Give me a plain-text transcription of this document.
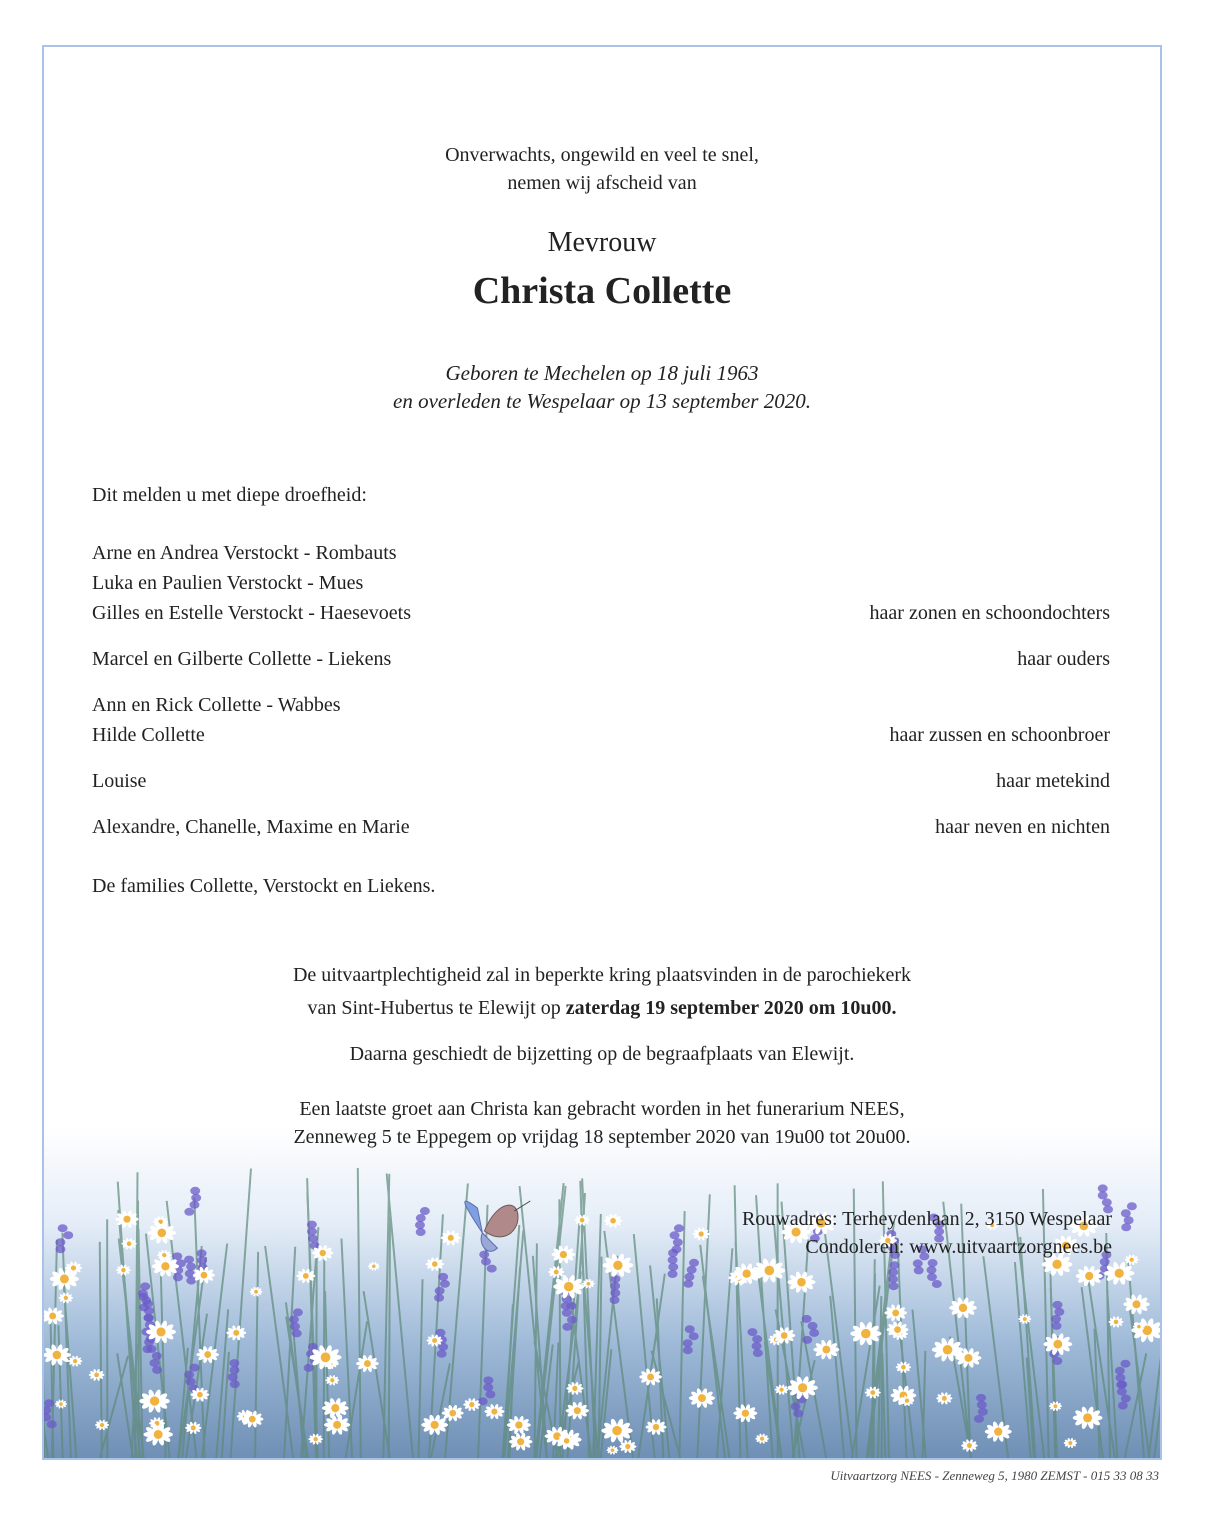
Onverwachts, ongewild en veel te snel,
nemen wij afscheid van
Mevrouw
Christa Collette
Geboren te Mechelen op 18 juli 1963
en overleden te Wespelaar op 13 september 2020.
Dit melden u met diepe droefheid:
Arne en Andrea Verstockt - Rombauts
Luka en Paulien Verstockt - Mues
Gilles en Estelle Verstockt - Haesevoets	haar zonen en schoondochters
Marcel en Gilberte Collette - Liekens	haar ouders
Ann en Rick Collette - Wabbes
Hilde Collette	haar zussen en schoonbroer
Louise	haar metekind
Alexandre, Chanelle, Maxime en Marie	haar neven en nichten
De families Collette, Verstockt en Liekens.
De uitvaartplechtigheid zal in beperkte kring plaatsvinden in de parochiekerk
van Sint-Hubertus te Elewijt op zaterdag 19 september 2020 om 10u00.
Daarna geschiedt de bijzetting op de begraafplaats van Elewijt.
Een laatste groet aan Christa kan gebracht worden in het funerarium NEES,
Zenneweg 5 te Eppegem op vrijdag 18 september 2020 van 19u00 tot 20u00.
Rouwadres: Terheydenlaan 2, 3150 Wespelaar
Condoleren: www.uitvaartzorgnees.be
Uitvaartzorg NEES - Zenneweg 5, 1980 ZEMST - 015 33 08 33
